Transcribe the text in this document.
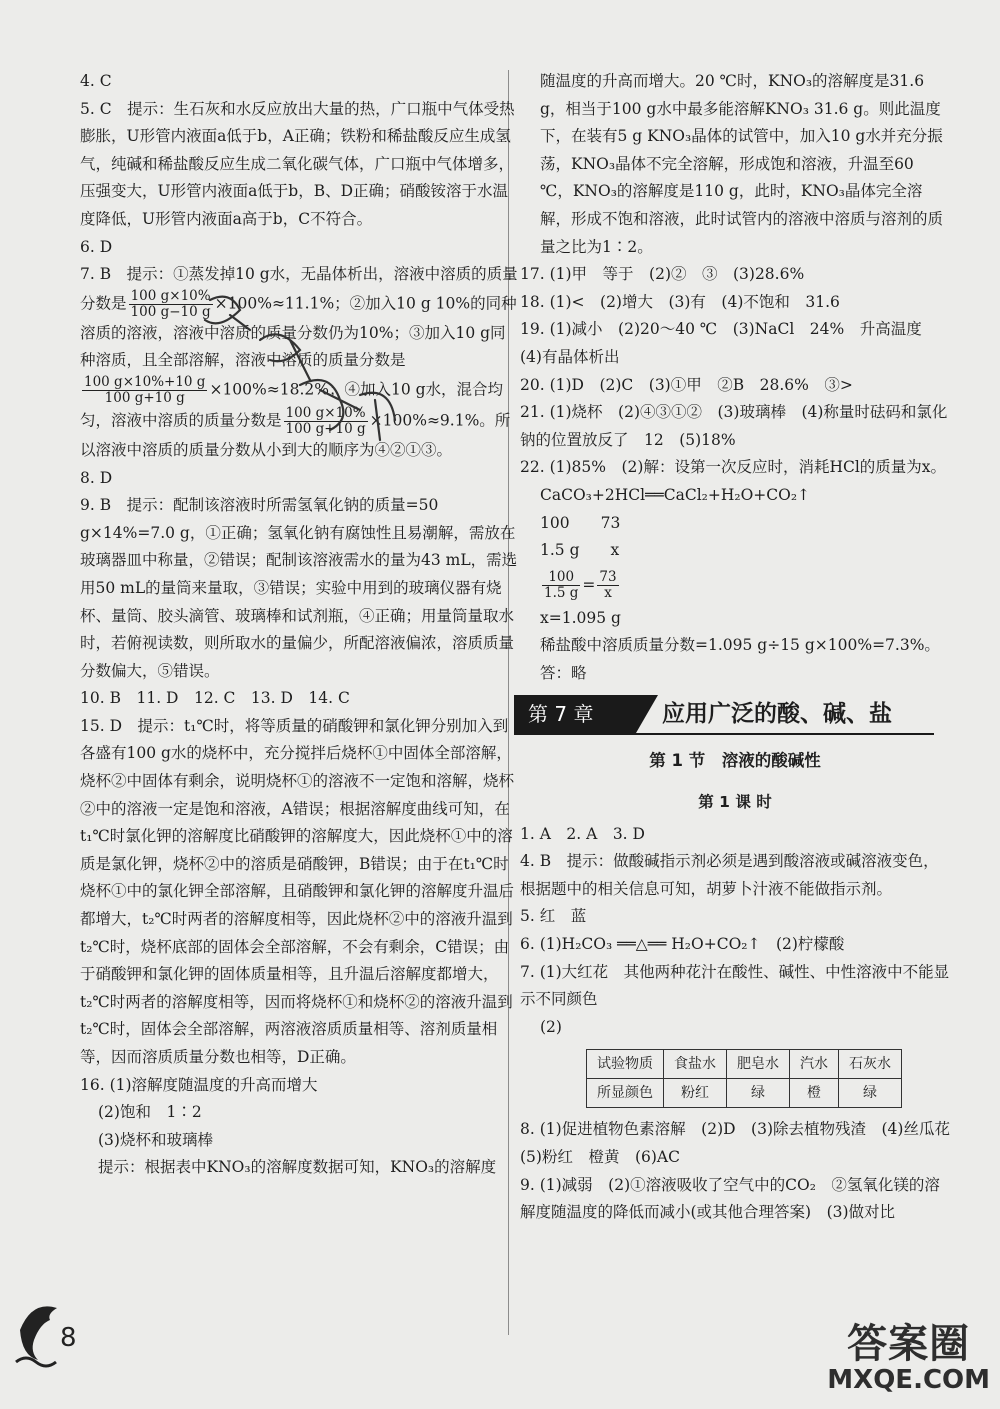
4. C

5. C　提示：生石灰和水反应放出大量的热，广口瓶中气体受热膨胀，U形管内液面a低于b，A正确；铁粉和稀盐酸反应生成氢气，纯碱和稀盐酸反应生成二氧化碳气体，广口瓶中气体增多，压强变大，U形管内液面a低于b，B、D正确；硝酸铵溶于水温度降低，U形管内液面a高于b，C不符合。

6. D

7. B　提示：①蒸发掉10 g水，无晶体析出，溶液中溶质的质量分数是 $\frac{100 g\times 10\%}{100 g-10 g} \times 100\%\approx 11.1\%$；②加入10 g 10%的同种溶质的溶液，溶液中溶质的质量分数仍为10%；③加入10 g同种溶质，且全部溶解，溶液中溶质的质量分数是

$\frac{100 g\times 10\%+10 g}{100 g+10 g} \times 100\%\approx 18.2\%$；④加入10 g水，混合均匀，溶液中溶质的质量分数是 $\frac{100 g\times 10\%}{100 g+10 g} \times 100\%\approx 9.1\%$。所以溶液中溶质的质量分数从小到大的顺序为④②①③。

8. D

9. B　提示：配制该溶液时所需氢氧化钠的质量=50 g×14%=7.0 g，①正确；氢氧化钠有腐蚀性且易潮解，需放在玻璃器皿中称量，②错误；配制该溶液需水的量为43 mL，需选用50 mL的量筒来量取，③错误；实验中用到的玻璃仪器有烧杯、量筒、胶头滴管、玻璃棒和试剂瓶，④正确；用量筒量取水时，若俯视读数，则所取水的量偏少，所配溶液偏浓，溶质质量分数偏大，⑤错误。

10. B　11. D　12. C　13. D　14. C

15. D　提示：t₁℃时，将等质量的硝酸钾和氯化钾分别加入到各盛有100 g水的烧杯中，充分搅拌后烧杯①中固体全部溶解，烧杯②中固体有剩余，说明烧杯①的溶液不一定饱和溶解，烧杯②中的溶液一定是饱和溶液，A错误；根据溶解度曲线可知，在t₁℃时氯化钾的溶解度比硝酸钾的溶解度大，因此烧杯①中的溶质是氯化钾，烧杯②中的溶质是硝酸钾，B错误；由于在t₁℃时烧杯①中的氯化钾全部溶解，且硝酸钾和氯化钾的溶解度升温后都增大，t₂℃时两者的溶解度相等，因此烧杯②中的溶液升温到t₂℃时，烧杯底部的固体会全部溶解，不会有剩余，C错误；由于硝酸钾和氯化钾的固体质量相等，且升温后溶解度都增大，t₂℃时两者的溶解度相等，因而将烧杯①和烧杯②的溶液升温到t₂℃时，固体会全部溶解，两溶液溶质质量相等、溶剂质量相等，因而溶质质量分数也相等，D正确。

16. (1)溶解度随温度的升高而增大

(2)饱和　1∶2

(3)烧杯和玻璃棒

提示：根据表中KNO₃的溶解度数据可知，KNO₃的溶解度

随温度的升高而增大。20 ℃时，KNO₃的溶解度是31.6 g，相当于100 g水中最多能溶解KNO₃ 31.6 g。则此温度下，在装有5 g KNO₃晶体的试管中，加入10 g水并充分振荡，KNO₃晶体不完全溶解，形成饱和溶液，升温至60 ℃，KNO₃的溶解度是110 g，此时，KNO₃晶体完全溶解，形成不饱和溶液，此时试管内的溶液中溶质与溶剂的质量之比为1∶2。

17. (1)甲　等于　(2)②　③　(3)28.6%

18. (1)<　(2)增大　(3)有　(4)不饱和　31.6

19. (1)减小　(2)20～40 ℃　(3)NaCl　24%　升高温度　(4)有晶体析出

20. (1)D　(2)C　(3)①甲　②B　28.6%　③>

21. (1)烧杯　(2)④③①②　(3)玻璃棒　(4)称量时砝码和氯化钠的位置放反了　12　(5)18%

22. (1)85%　(2)解：设第一次反应时，消耗HCl的质量为x。

CaCO₃+2HCl══CaCl₂+H₂O+CO₂↑

100　　73

1.5 g　　x

$\frac{100}{1.5 g} = \frac{73}{x}$

x=1.095 g

稀盐酸中溶质质量分数=1.095 g÷15 g×100%=7.3%。

答：略

第 7 章	应用广泛的酸、碱、盐

第 1 节　溶液的酸碱性

第 1 课 时

1. A　2. A　3. D

4. B　提示：做酸碱指示剂必须是遇到酸溶液或碱溶液变色，根据题中的相关信息可知，胡萝卜汁液不能做指示剂。

5. 红　蓝

6. (1)H₂CO₃ ══△══ H₂O+CO₂↑　(2)柠檬酸

7. (1)大红花　其他两种花汁在酸性、碱性、中性溶液中不能显示不同颜色

(2)

试验物质	食盐水	肥皂水	汽水	石灰水
所显颜色	粉红	绿	橙	绿

8. (1)促进植物色素溶解　(2)D　(3)除去植物残渣　(4)丝瓜花　(5)粉红　橙黄　(6)AC

9. (1)减弱　(2)①溶液吸收了空气中的CO₂　②氢氧化镁的溶解度随温度的降低而减小(或其他合理答案)　(3)做对比

8	答案圈
MXQE.COM
